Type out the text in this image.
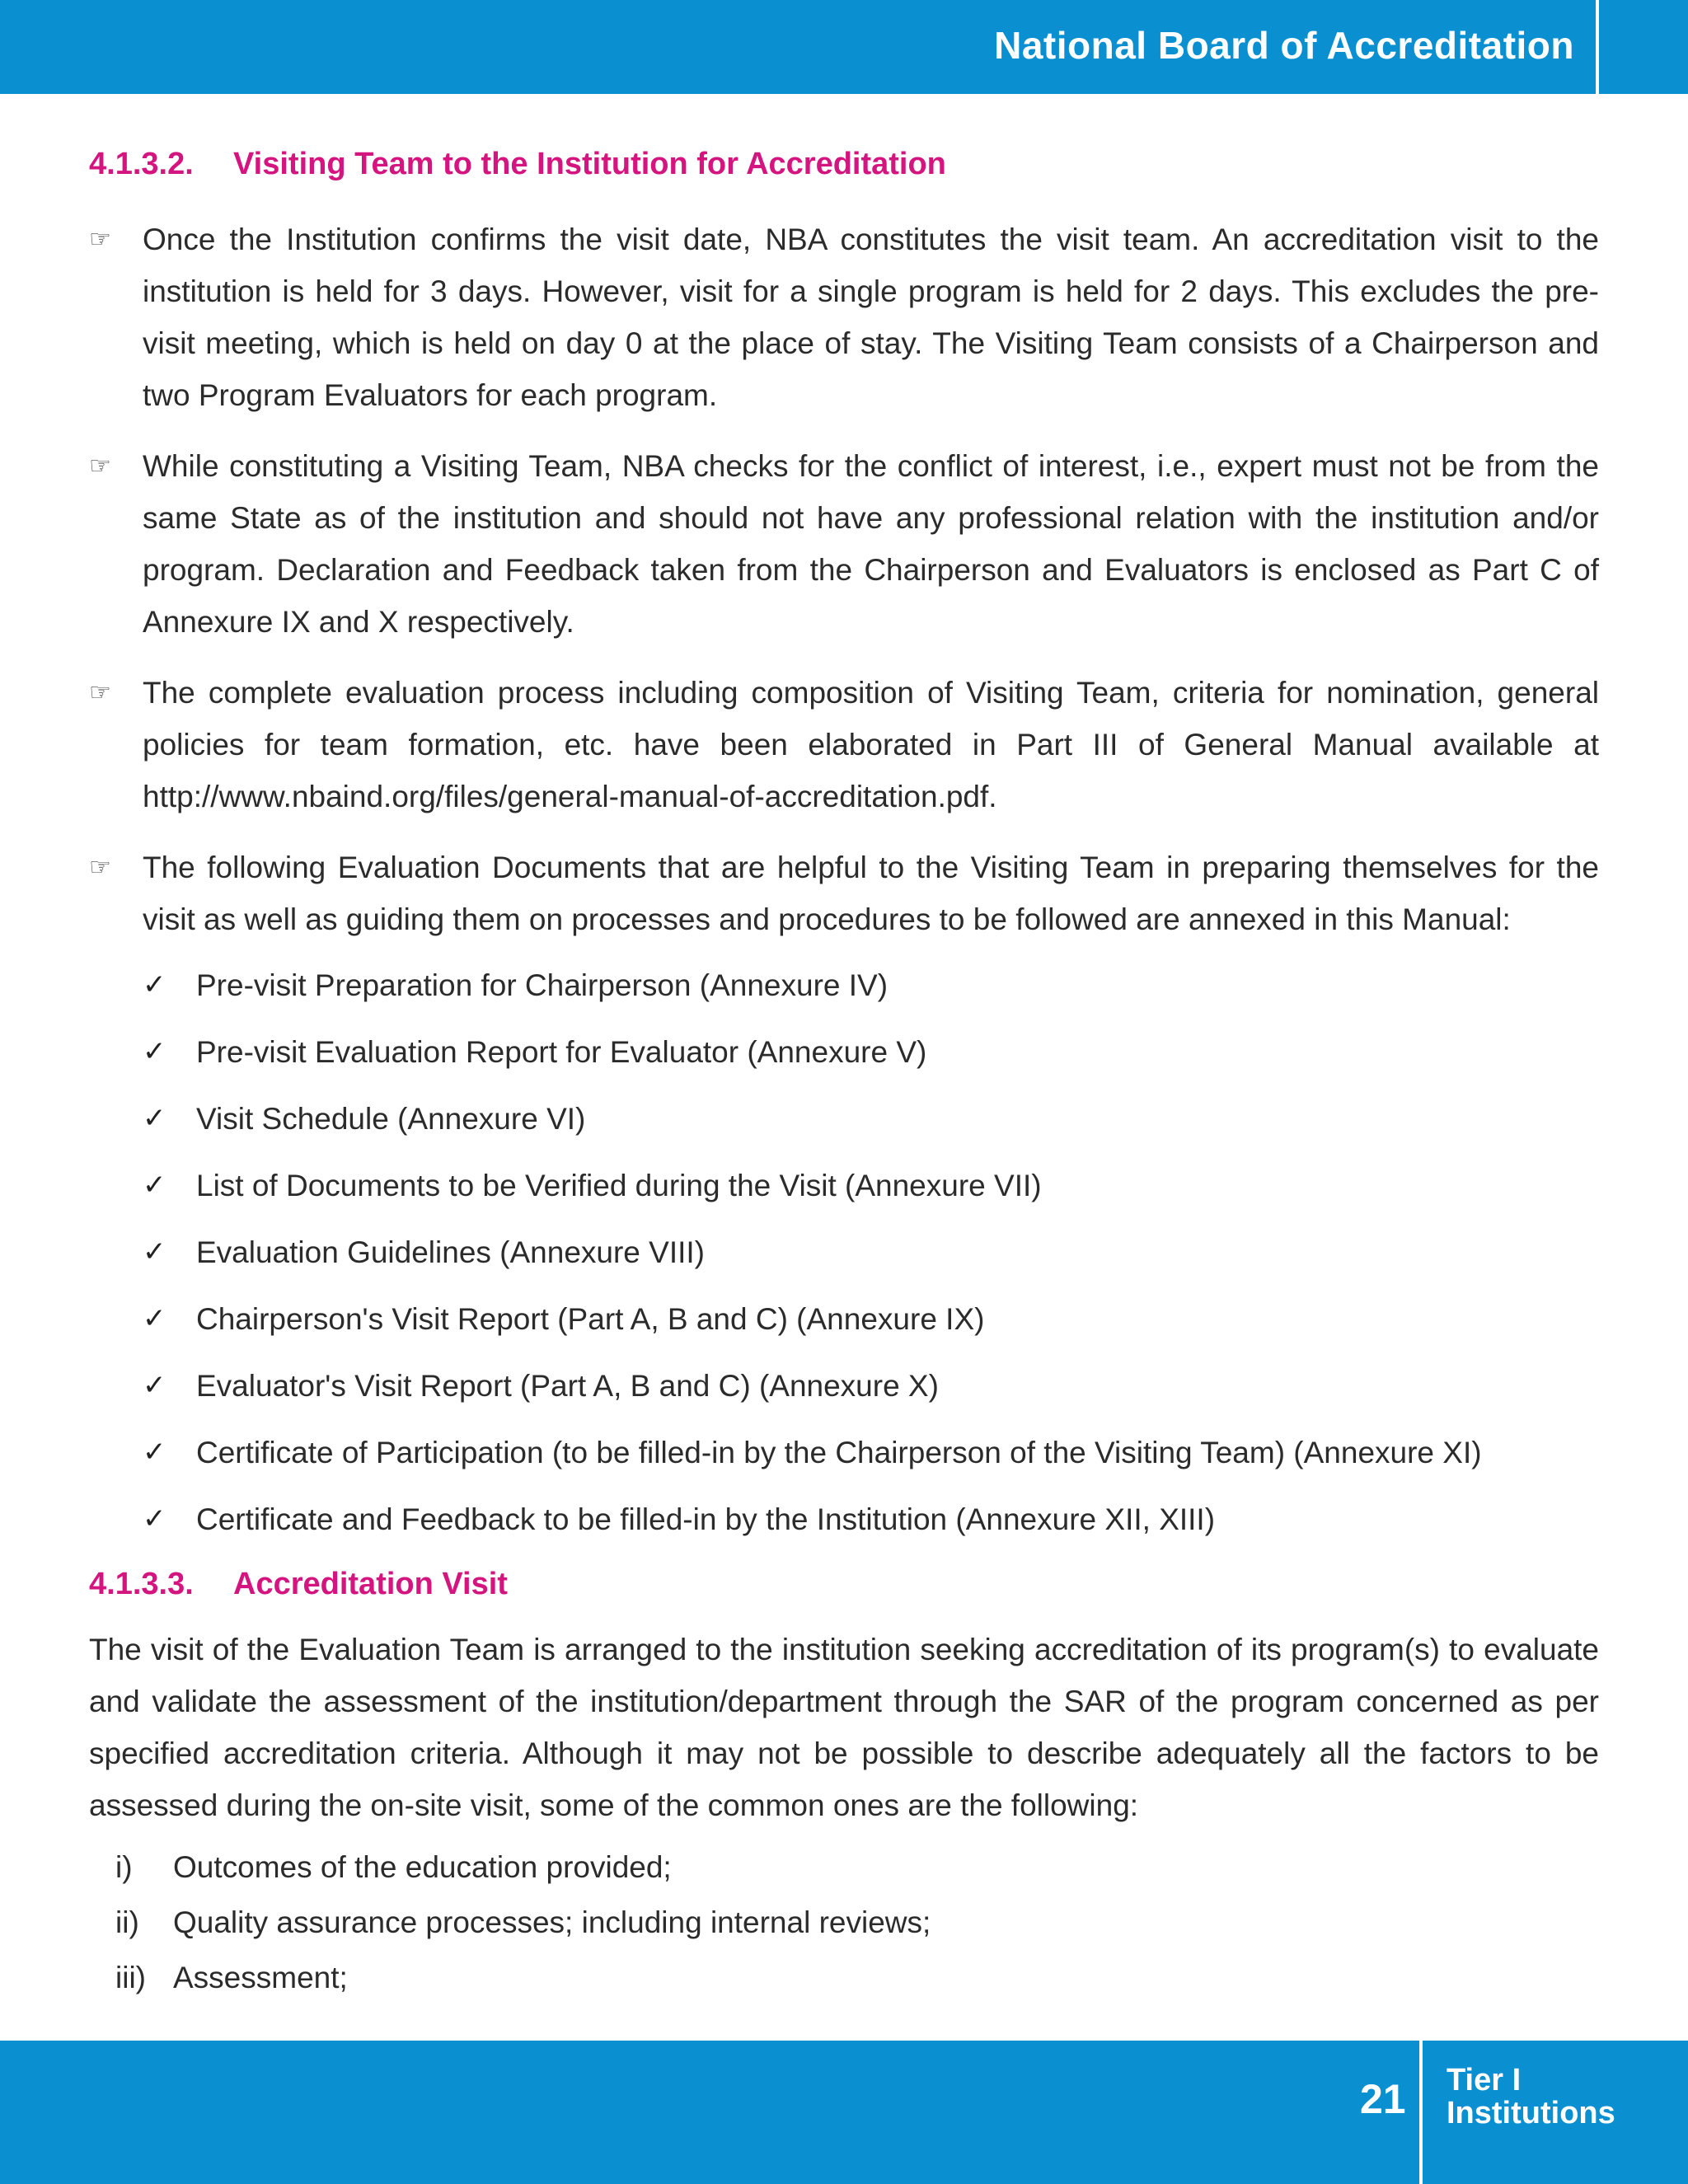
National Board of Accreditation
4.1.3.2.	Visiting Team to the Institution for Accreditation
☞ Once the Institution confirms the visit date, NBA constitutes the visit team. An accreditation visit to the institution is held for 3 days. However, visit for a single program is held for 2 days. This excludes the pre-visit meeting, which is held on day 0 at the place of stay. The Visiting Team consists of a Chairperson and two Program Evaluators for each program.
☞ While constituting a Visiting Team, NBA checks for the conflict of interest, i.e., expert must not be from the same State as of the institution and should not have any professional relation with the institution and/or program. Declaration and Feedback taken from the Chairperson and Evaluators is enclosed as Part C of Annexure IX and X respectively.
☞ The complete evaluation process including composition of Visiting Team, criteria for nomination, general policies for team formation, etc. have been elaborated in Part III of General Manual available at http://www.nbaind.org/files/general-manual-of-accreditation.pdf.
☞ The following Evaluation Documents that are helpful to the Visiting Team in preparing themselves for the visit as well as guiding them on processes and procedures to be followed are annexed in this Manual:
✓ Pre-visit Preparation for Chairperson (Annexure IV)
✓ Pre-visit Evaluation Report for Evaluator (Annexure V)
✓ Visit Schedule (Annexure VI)
✓ List of Documents to be Verified during the Visit (Annexure VII)
✓ Evaluation Guidelines (Annexure VIII)
✓ Chairperson's Visit Report (Part A, B and C) (Annexure IX)
✓ Evaluator's Visit Report (Part A, B and C) (Annexure X)
✓ Certificate of Participation (to be filled-in by the Chairperson of the Visiting Team) (Annexure XI)
✓ Certificate and Feedback to be filled-in by the Institution (Annexure XII, XIII)
4.1.3.3.	Accreditation Visit

The visit of the Evaluation Team is arranged to the institution seeking accreditation of its program(s) to evaluate and validate the assessment of the institution/department through the SAR of the program concerned as per specified accreditation criteria. Although it may not be possible to describe adequately all the factors to be assessed during the on-site visit, some of the common ones are the following:

i) Outcomes of the education provided;
ii) Quality assurance processes; including internal reviews;
iii) Assessment;
21 Tier I
Institutions
